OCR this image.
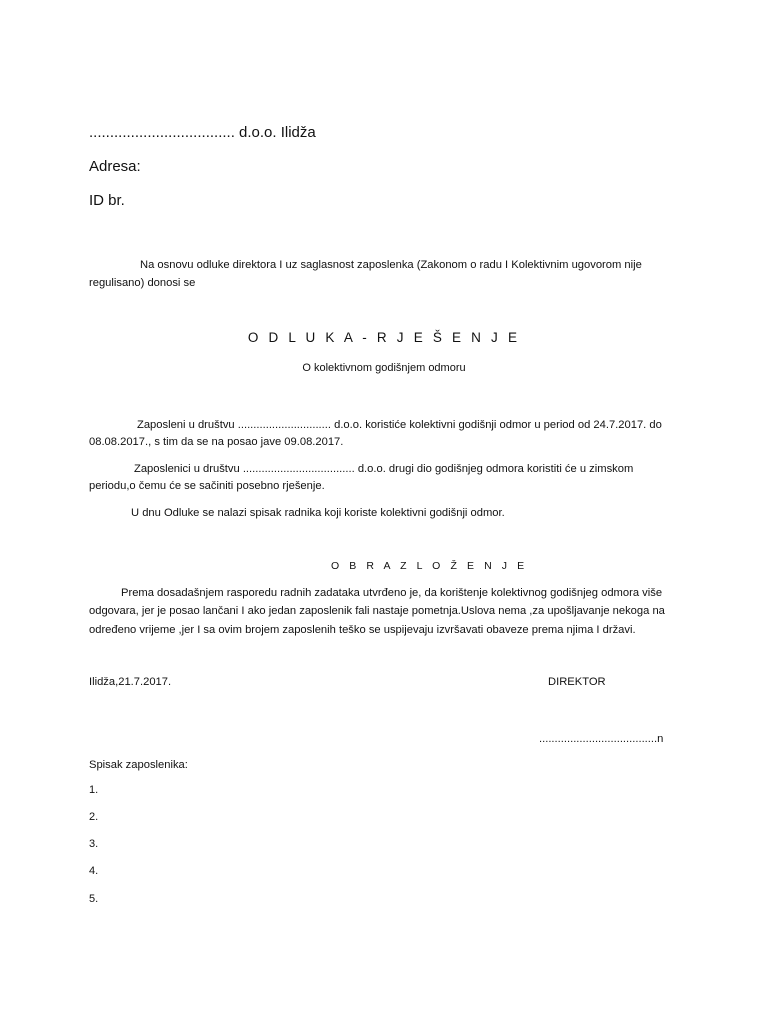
................................... d.o.o. Ilidža
Adresa:
ID br.
Na osnovu odluke direktora I uz saglasnost zaposlenka (Zakonom o radu I Kolektivnim ugovorom nije
regulisano) donosi se
O D L U K A - R J E Š E N J E
O kolektivnom godišnjem odmoru
Zaposleni u društvu .............................. d.o.o. koristiće kolektivni godišnji odmor u period od 24.7.2017. do
08.08.2017., s tim da se na posao jave 09.08.2017.
Zaposlenici u društvu .................................... d.o.o. drugi dio godišnjeg odmora koristiti će u zimskom
periodu,o čemu će se sačiniti posebno rješenje.
U dnu Odluke se nalazi spisak radnika koji koriste kolektivni godišnji odmor.
O B R A Z L O Ž E N J E
Prema dosadašnjem rasporedu radnih zadataka utvrđeno je, da korištenje kolektivnog godišnjeg odmora više
odgovara, jer je posao lančani I ako jedan zaposlenik fali nastaje pometnja.Uslova nema ,za upošljavanje nekoga na
određeno vrijeme ,jer I sa ovim brojem zaposlenih teško se uspijevaju izvršavati obaveze prema njima I državi.
Ilidža,21.7.2017.	DIREKTOR
......................................n
Spisak zaposlenika:
1.
2.
3.
4.
5.
